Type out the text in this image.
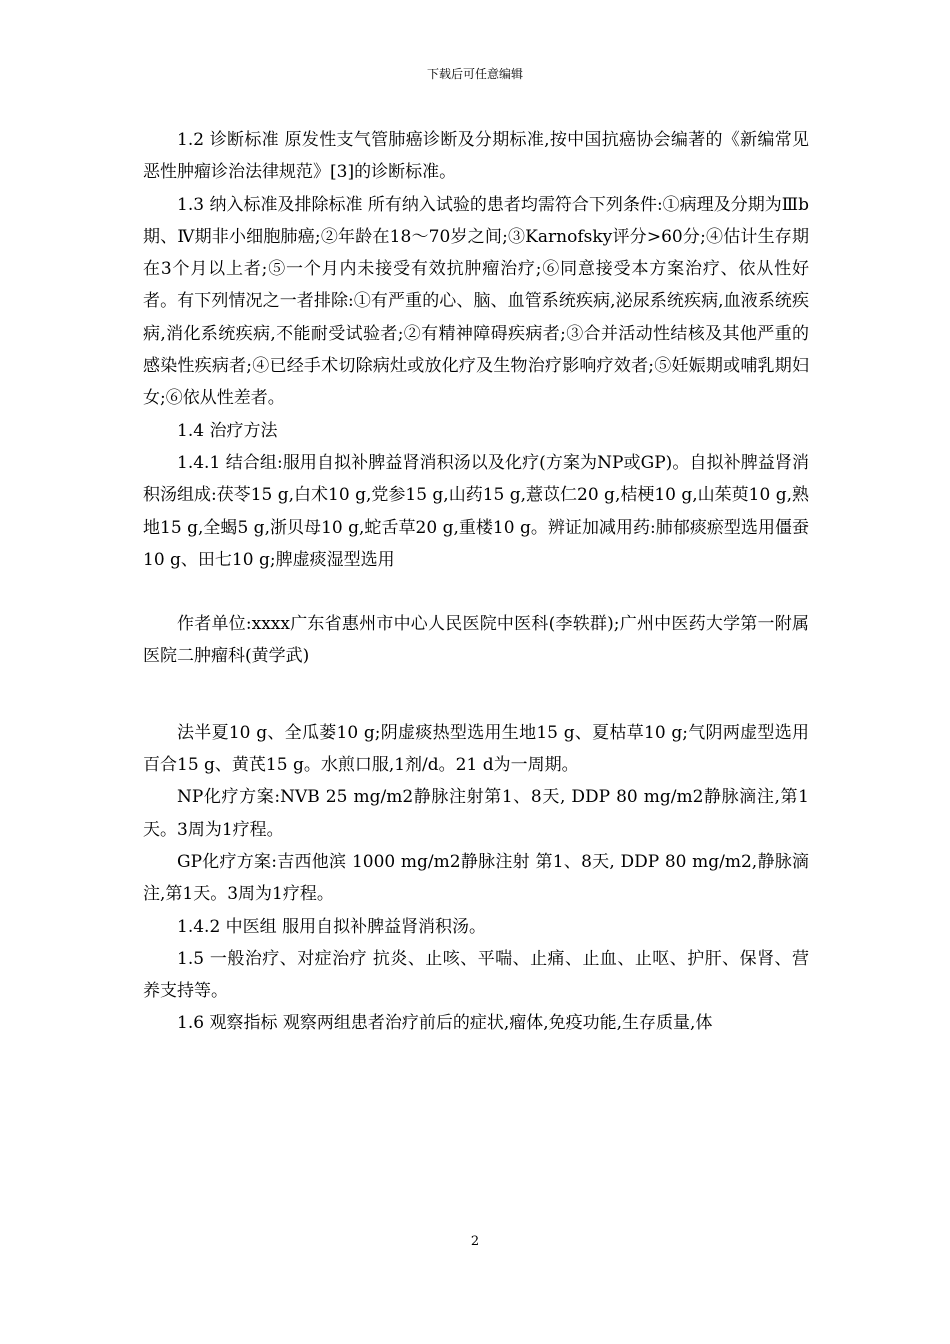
下载后可任意编辑

1.2 诊断标准 原发性支气管肺癌诊断及分期标准,按中国抗癌协会编著的《新编常见恶性肿瘤诊治法律规范》[3]的诊断标准。

1.3 纳入标准及排除标准 所有纳入试验的患者均需符合下列条件:①病理及分期为Ⅲb期、Ⅳ期非小细胞肺癌;②年龄在18～70岁之间;③Karnofsky评分>60分;④估计生存期在3个月以上者;⑤一个月内未接受有效抗肿瘤治疗;⑥同意接受本方案治疗、依从性好者。有下列情况之一者排除:①有严重的心、脑、血管系统疾病,泌尿系统疾病,血液系统疾病,消化系统疾病,不能耐受试验者;②有精神障碍疾病者;③合并活动性结核及其他严重的感染性疾病者;④已经手术切除病灶或放化疗及生物治疗影响疗效者;⑤妊娠期或哺乳期妇女;⑥依从性差者。

1.4 治疗方法

1.4.1 结合组:服用自拟补脾益肾消积汤以及化疗(方案为NP或GP)。自拟补脾益肾消积汤组成:茯苓15 g,白术10 g,党参15 g,山药15 g,薏苡仁20 g,桔梗10 g,山茱萸10 g,熟地15 g,全蝎5 g,浙贝母10 g,蛇舌草20 g,重楼10 g。辨证加减用药:肺郁痰瘀型选用僵蚕10 g、田七10 g;脾虚痰湿型选用

作者单位:xxxx广东省惠州市中心人民医院中医科(李轶群);广州中医药大学第一附属医院二肿瘤科(黄学武)

法半夏10 g、全瓜蒌10 g;阴虚痰热型选用生地15 g、夏枯草10 g;气阴两虚型选用百合15 g、黄芪15 g。水煎口服,1剂/d。21 d为一周期。

NP化疗方案:NVB 25 mg/m2静脉注射第1、8天, DDP 80 mg/m2静脉滴注,第1天。3周为1疗程。

GP化疗方案:吉西他滨 1000 mg/m2静脉注射 第1、8天, DDP 80 mg/m2,静脉滴注,第1天。3周为1疗程。

1.4.2 中医组 服用自拟补脾益肾消积汤。

1.5 一般治疗、对症治疗 抗炎、止咳、平喘、止痛、止血、止呕、护肝、保肾、营养支持等。

1.6 观察指标 观察两组患者治疗前后的症状,瘤体,免疫功能,生存质量,体

2
